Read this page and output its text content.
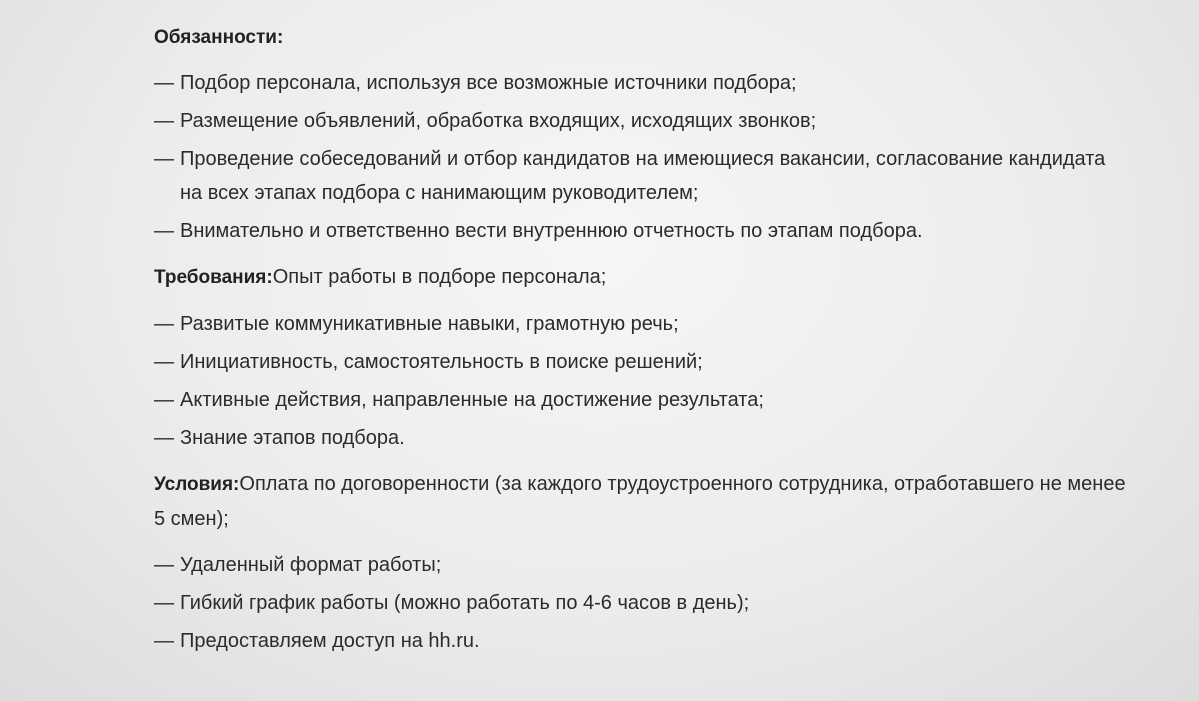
Обязанности:

— Подбор персонала, используя все возможные источники подбора;
— Размещение объявлений, обработка входящих, исходящих звонков;
— Проведение собеседований и отбор кандидатов на имеющиеся вакансии, согласование кандидата на всех этапах подбора с нанимающим руководителем;
— Внимательно и ответственно вести внутреннюю отчетность по этапам подбора.
Требования:Опыт работы в подборе персонала;
— Развитые коммуникативные навыки, грамотную речь;
— Инициативность, самостоятельность в поиске решений;
— Активные действия, направленные на достижение результата;
— Знание этапов подбора.
Условия:Оплата по договоренности (за каждого трудоустроенного сотрудника, отработавшего не менее 5 смен);
— Удаленный формат работы;
— Гибкий график работы (можно работать по 4-6 часов в день);
— Предоставляем доступ на hh.ru.
